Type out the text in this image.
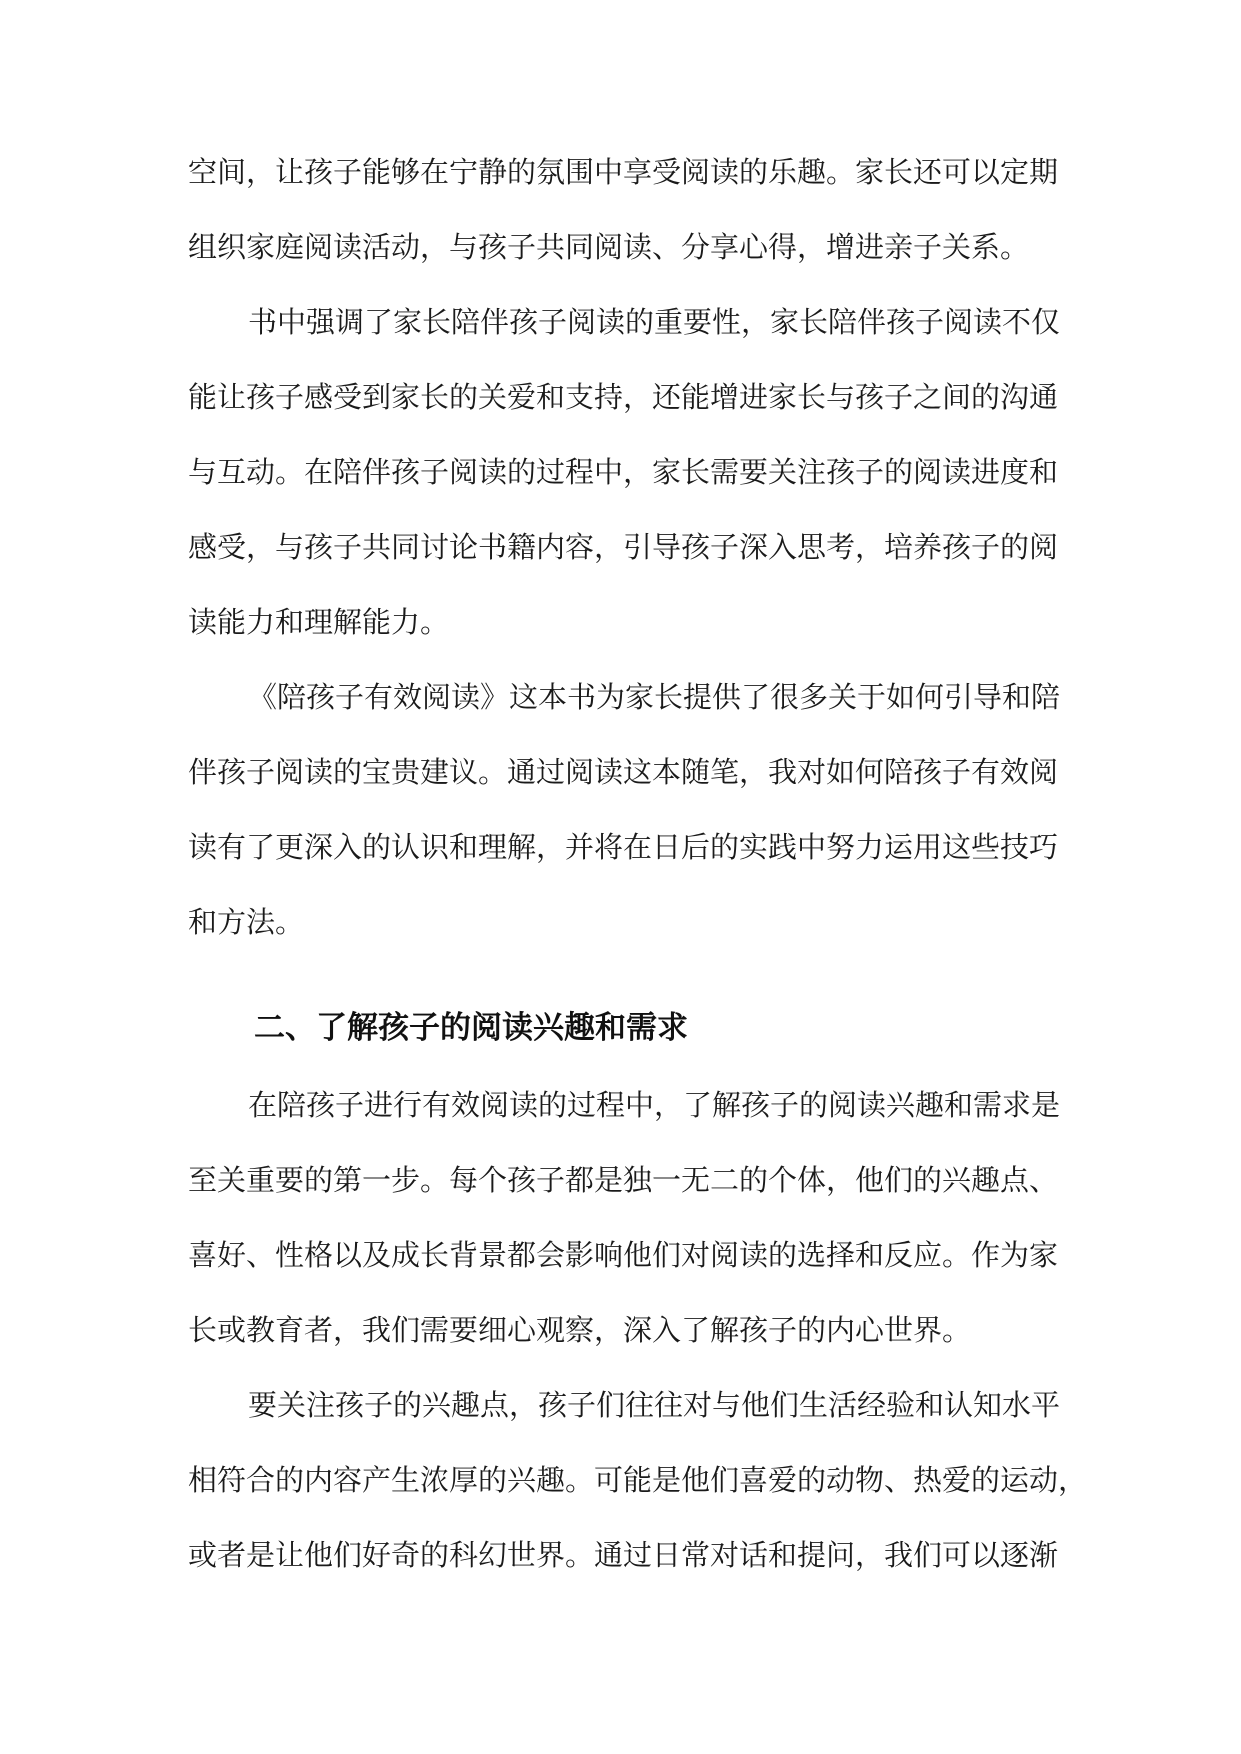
空间，让孩子能够在宁静的氛围中享受阅读的乐趣。家长还可以定期
组织家庭阅读活动，与孩子共同阅读、分享心得，增进亲子关系。
书中强调了家长陪伴孩子阅读的重要性，家长陪伴孩子阅读不仅
能让孩子感受到家长的关爱和支持，还能增进家长与孩子之间的沟通
与互动。在陪伴孩子阅读的过程中，家长需要关注孩子的阅读进度和
感受，与孩子共同讨论书籍内容，引导孩子深入思考，培养孩子的阅
读能力和理解能力。
《陪孩子有效阅读》这本书为家长提供了很多关于如何引导和陪
伴孩子阅读的宝贵建议。通过阅读这本随笔，我对如何陪孩子有效阅
读有了更深入的认识和理解，并将在日后的实践中努力运用这些技巧
和方法。
二、了解孩子的阅读兴趣和需求
在陪孩子进行有效阅读的过程中，了解孩子的阅读兴趣和需求是
至关重要的第一步。每个孩子都是独一无二的个体，他们的兴趣点、
喜好、性格以及成长背景都会影响他们对阅读的选择和反应。作为家
长或教育者，我们需要细心观察，深入了解孩子的内心世界。
要关注孩子的兴趣点，孩子们往往对与他们生活经验和认知水平
相符合的内容产生浓厚的兴趣。可能是他们喜爱的动物、热爱的运动，
或者是让他们好奇的科幻世界。通过日常对话和提问，我们可以逐渐
